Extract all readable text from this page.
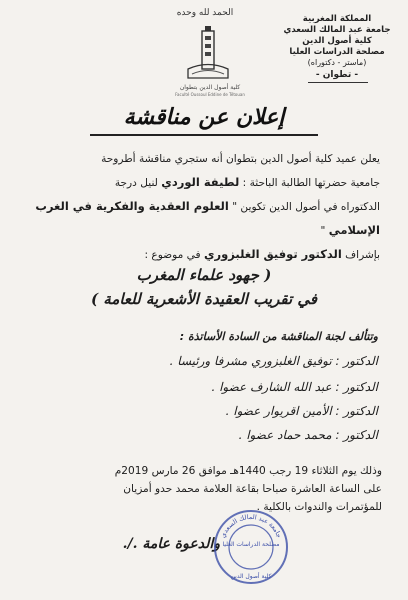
الحمد لله وحده
كلية أصول الدين بتطوان
Faculté Oussoul Eddine de Tétouan
المملكة المغربية
جامعة عبد المالك السعدي
كلية أصول الدين
مصلحة الدراسات العليا
(ماستر - دكتوراه)
- تطوان -
إعلان عن مناقشة
يعلن عميد كلية أصول الدين بتطوان أنه ستجري مناقشة أطروحة
جامعية حضرتها الطالبة الباحثة : لطيفة الوردي لنيل درجة
الدكتوراه في أصول الدين تكوين " العلوم العقدية والفكرية في الغرب الإسلامي "
بإشراف الدكتور توفيق الغلبزوري في موضوع :
( جهود علماء المغرب
في تقريب العقيدة الأشعرية للعامة )
وتتألف لجنة المناقشة من السادة الأساتذة :
الدكتور : توفيق الغلبزوري مشرفا ورئيسا .
الدكتور : عبد الله الشارف عضوا .
الدكتور : الأمين اقريوار عضوا .
الدكتور : محمد حماد عضوا .
وذلك يوم الثلاثاء 19 رجب 1440هـ موافق 26 مارس 2019م
على الساعة العاشرة صباحا بقاعة العلامة محمد حدو أمزيان
للمؤتمرات والندوات بالكلية .
والدعوة عامة ./.
جامعة عبد المالك السعدي
مصلحة الدراسات العليا
كلية أصول الدين
